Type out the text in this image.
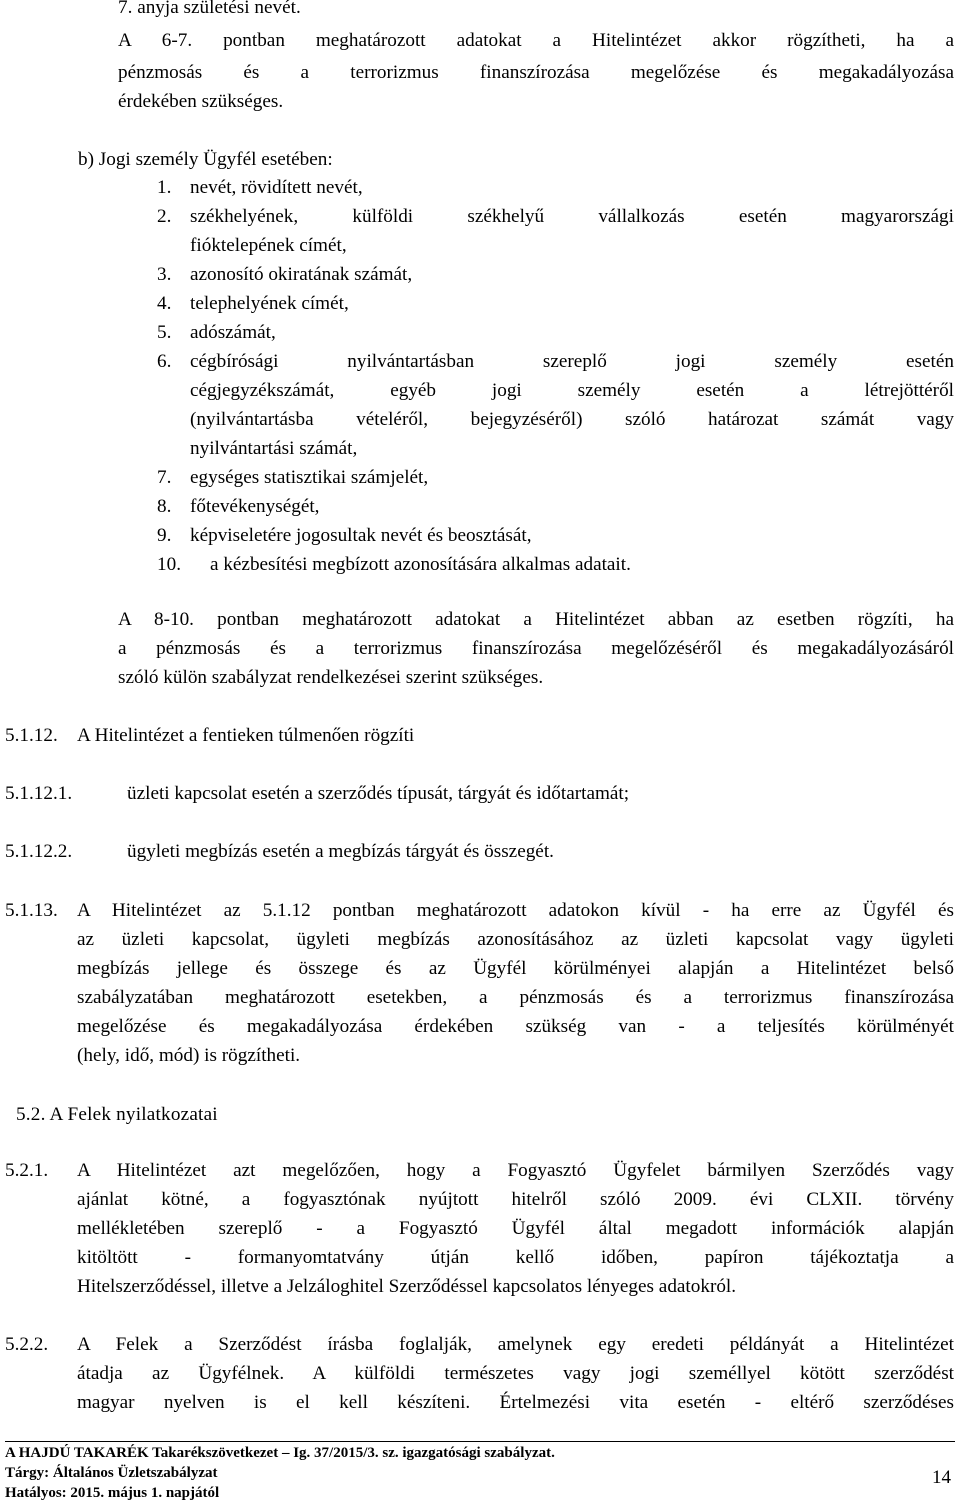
7. anyja születési nevét.
A 6-7. pontban meghatározott adatokat a Hitelintézet akkor rögzítheti, ha a
pénzmosás és a terrorizmus finanszírozása megelőzése és megakadályozása
érdekében szükséges.
b) Jogi személy Ügyfél esetében:
1. nevét, rövidített nevét,
2. székhelyének, külföldi székhelyű vállalkozás esetén magyarországi
fióktelepének címét,
3. azonosító okiratának számát,
4. telephelyének címét,
5. adószámát,
6. cégbírósági nyilvántartásban szereplő jogi személy esetén
cégjegyzékszámát, egyéb jogi személy esetén a létrejöttéről
(nyilvántartásba vételéről, bejegyzéséről) szóló határozat számát vagy
nyilvántartási számát,
7. egységes statisztikai számjelét,
8. főtevékenységét,
9. képviseletére jogosultak nevét és beosztását,
10. a kézbesítési megbízott azonosítására alkalmas adatait.
A 8-10. pontban meghatározott adatokat a Hitelintézet abban az esetben rögzíti, ha
a pénzmosás és a terrorizmus finanszírozása megelőzéséről és megakadályozásáról
szóló külön szabályzat rendelkezései szerint szükséges.
5.1.12. A Hitelintézet a fentieken túlmenően rögzíti
5.1.12.1.	üzleti kapcsolat esetén a szerződés típusát, tárgyát és időtartamát;
5.1.12.2.	ügyleti megbízás esetén a megbízás tárgyát és összegét.
5.1.13. A Hitelintézet az 5.1.12 pontban meghatározott adatokon kívül - ha erre az Ügyfél és
az üzleti kapcsolat, ügyleti megbízás azonosításához az üzleti kapcsolat vagy ügyleti
megbízás jellege és összege és az Ügyfél körülményei alapján a Hitelintézet belső
szabályzatában meghatározott esetekben, a pénzmosás és a terrorizmus finanszírozása
megelőzése és megakadályozása érdekében szükség van - a teljesítés körülményét
(hely, idő, mód) is rögzítheti.
5.2. A Felek nyilatkozatai
5.2.1. A Hitelintézet azt megelőzően, hogy a Fogyasztó Ügyfelet bármilyen Szerződés vagy
ajánlat kötné, a fogyasztónak nyújtott hitelről szóló 2009. évi CLXII. törvény
mellékletében szereplő - a Fogyasztó Ügyfél által megadott információk alapján
kitöltött - formanyomtatvány útján kellő időben, papíron tájékoztatja a
Hitelszerződéssel, illetve a Jelzáloghitel Szerződéssel kapcsolatos lényeges adatokról.
5.2.2. A Felek a Szerződést írásba foglalják, amelynek egy eredeti példányát a Hitelintézet
átadja az Ügyfélnek. A külföldi természetes vagy jogi személlyel kötött szerződést
magyar nyelven is el kell készíteni. Értelmezési vita esetén - eltérő szerződéses
A HAJDÚ TAKARÉK Takarékszövetkezet – Ig. 37/2015/3. sz. igazgatósági szabályzat.
Tárgy: Általános Üzletszabályzat
Hatályos: 2015. május 1. napjától
14
